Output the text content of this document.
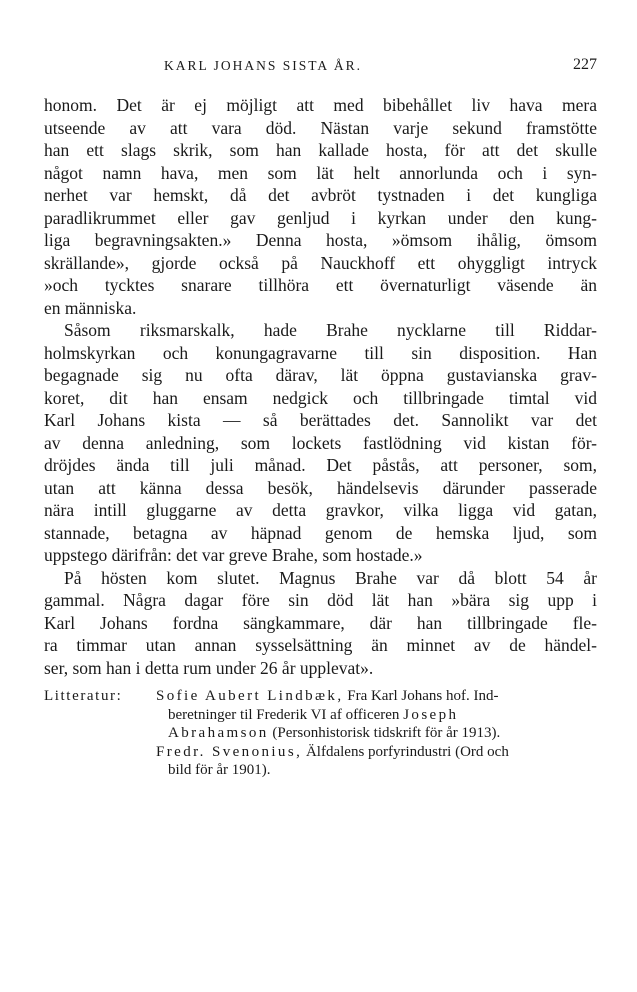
KARL JOHANS SISTA ÅR.	227

honom. Det är ej möjligt att med bibehållet liv hava mera
utseende av att vara död. Nästan varje sekund framstötte
han ett slags skrik, som han kallade hosta, för att det skulle
något namn hava, men som lät helt annorlunda och i syn-
nerhet var hemskt, då det avbröt tystnaden i det kungliga
paradlikrummet eller gav genljud i kyrkan under den kung-
liga begravningsakten.» Denna hosta, »ömsom ihålig, ömsom
skrällande», gjorde också på Nauckhoff ett ohyggligt intryck
»och tycktes snarare tillhöra ett övernaturligt väsende än
en människa.

Såsom riksmarskalk, hade Brahe nycklarne till Riddar-
holmskyrkan och konungagravarne till sin disposition. Han
begagnade sig nu ofta därav, lät öppna gustavianska grav-
koret, dit han ensam nedgick och tillbringade timtal vid
Karl Johans kista — så berättades det. Sannolikt var det
av denna anledning, som lockets fastlödning vid kistan för-
dröjdes ända till juli månad. Det påstås, att personer, som,
utan att känna dessa besök, händelsevis därunder passerade
nära intill gluggarne av detta gravkor, vilka ligga vid gatan,
stannade, betagna av häpnad genom de hemska ljud, som
uppstego därifrån: det var greve Brahe, som hostade.»

På hösten kom slutet. Magnus Brahe var då blott 54 år
gammal. Några dagar före sin död lät han »bära sig upp i
Karl Johans fordna sängkammare, där han tillbringade fle-
ra timmar utan annan sysselsättning än minnet av de händel-
ser, som han i detta rum under 26 år upplevat».

Litteratur:	Sofie Aubert Lindbæk, Fra Karl Johans hof. Ind-
beretninger til Frederik VI af officeren Joseph
Abrahamson (Personhistorisk tidskrift för år 1913).
Fredr. Svenonius, Älfdalens porfyrindustri (Ord och
bild för år 1901).
